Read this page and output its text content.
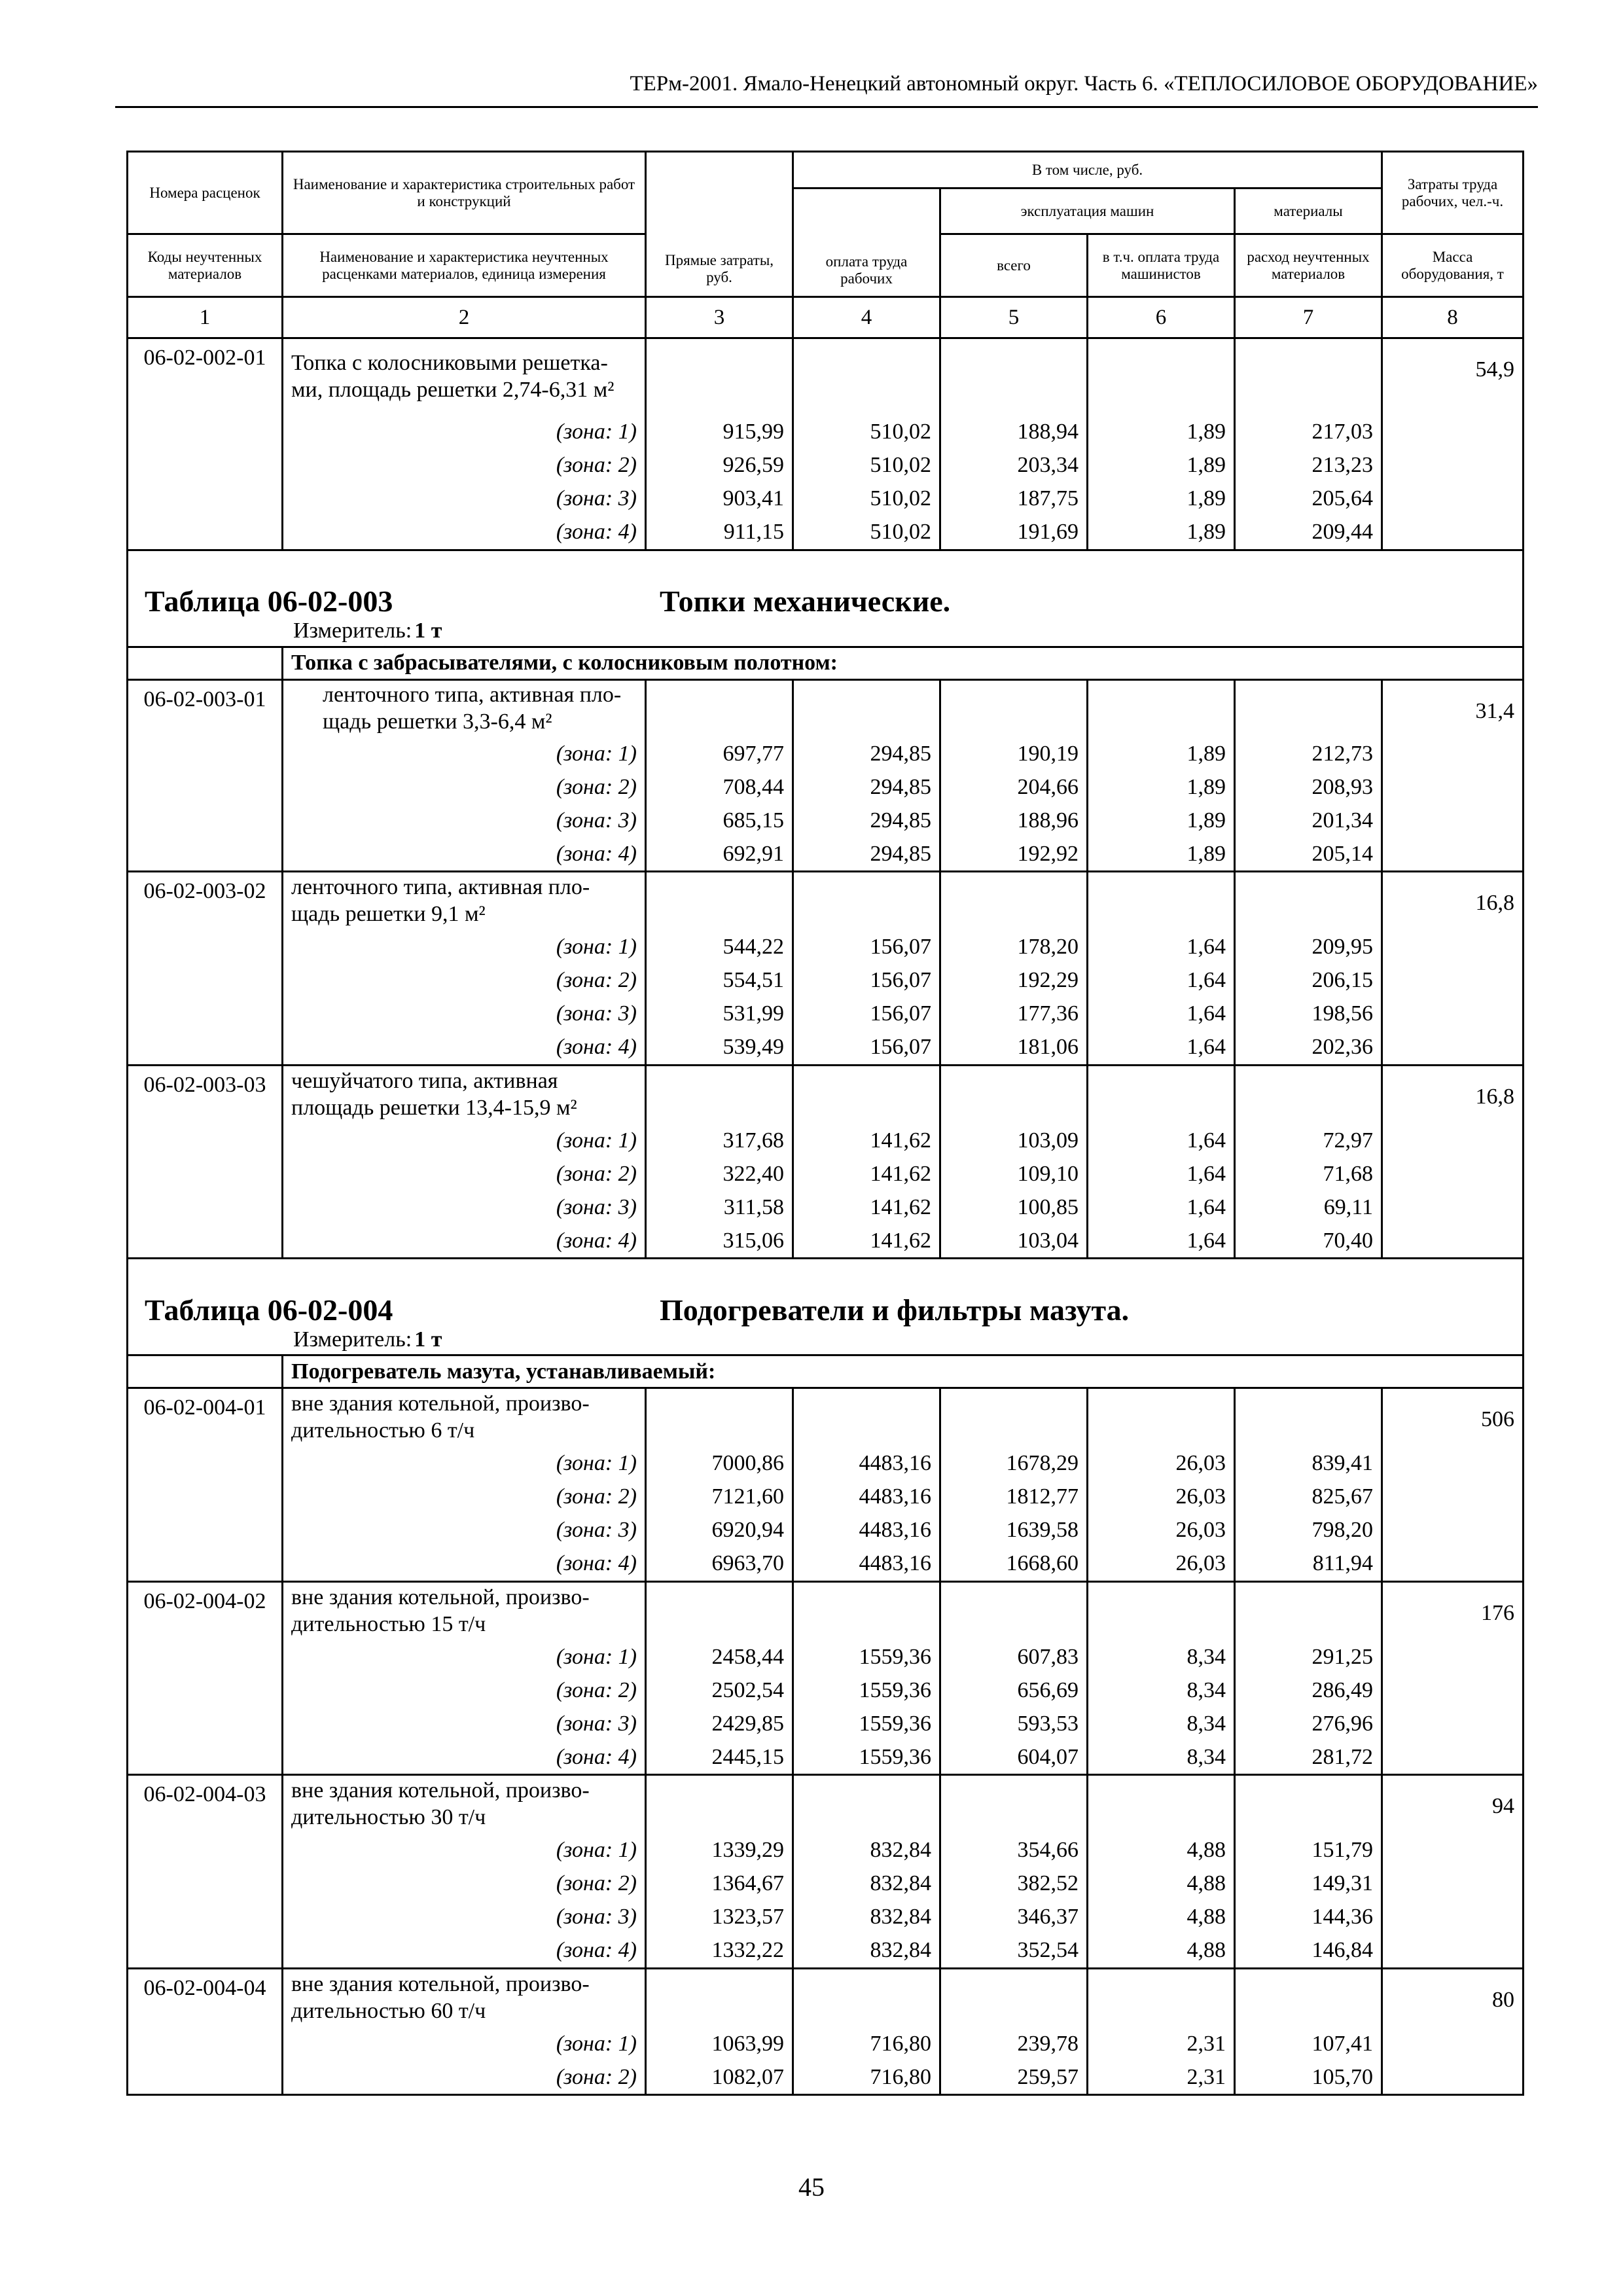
ТЕРм-2001. Ямало-Ненецкий автономный округ. Часть 6. «ТЕПЛОСИЛОВОЕ ОБОРУДОВАНИЕ»
Номера расценок	Наименование и характеристика строительных работ и конструкций	Прямые затраты, руб.	В том числе, руб.				Затраты труда рабочих, чел.-ч.
			оплата труда рабочих	эксплуатация машин		материалы	
Коды неучтенных материалов	Наименование и характеристика неучтенных расценками материалов, единица измерения			всего	в т.ч. оплата труда машинистов	расход неучтенных материалов	Масса оборудования, т
1	2	3	4	5	6	7	8
06-02-002-01	Топка с колосниковыми решетка-ми, площадь решетки 2,74-6,31 м²						54,9
	(зона: 1)	915,99	510,02	188,94	1,89	217,03	
	(зона: 2)	926,59	510,02	203,34	1,89	213,23	
	(зона: 3)	903,41	510,02	187,75	1,89	205,64	
	(зона: 4)	911,15	510,02	191,69	1,89	209,44	

Таблица 06-02-003 Топки механические.							

Измеритель: 1 т							
	Топка с забрасывателями, с колосниковым полотном:						
06-02-003-01	ленточного типа, активная пло-щадь решетки 3,3-6,4 м²						31,4
	(зона: 1)	697,77	294,85	190,19	1,89	212,73	
	(зона: 2)	708,44	294,85	204,66	1,89	208,93	
	(зона: 3)	685,15	294,85	188,96	1,89	201,34	
	(зона: 4)	692,91	294,85	192,92	1,89	205,14	
06-02-003-02	ленточного типа, активная пло-щадь решетки 9,1 м²						16,8
	(зона: 1)	544,22	156,07	178,20	1,64	209,95	
	(зона: 2)	554,51	156,07	192,29	1,64	206,15	
	(зона: 3)	531,99	156,07	177,36	1,64	198,56	
	(зона: 4)	539,49	156,07	181,06	1,64	202,36	
06-02-003-03	чешуйчатого типа, активная площадь решетки 13,4-15,9 м²						16,8
	(зона: 1)	317,68	141,62	103,09	1,64	72,97	
	(зона: 2)	322,40	141,62	109,10	1,64	71,68	
	(зона: 3)	311,58	141,62	100,85	1,64	69,11	
	(зона: 4)	315,06	141,62	103,04	1,64	70,40	

Таблица 06-02-004 Подогреватели и фильтры мазута.							

Измеритель: 1 т							
	Подогреватель мазута, устанавливаемый:						
06-02-004-01	вне здания котельной, произво-дительностью 6 т/ч						506
	(зона: 1)	7000,86	4483,16	1678,29	26,03	839,41	
	(зона: 2)	7121,60	4483,16	1812,77	26,03	825,67	
	(зона: 3)	6920,94	4483,16	1639,58	26,03	798,20	
	(зона: 4)	6963,70	4483,16	1668,60	26,03	811,94	
06-02-004-02	вне здания котельной, произво-дительностью 15 т/ч						176
	(зона: 1)	2458,44	1559,36	607,83	8,34	291,25	
	(зона: 2)	2502,54	1559,36	656,69	8,34	286,49	
	(зона: 3)	2429,85	1559,36	593,53	8,34	276,96	
	(зона: 4)	2445,15	1559,36	604,07	8,34	281,72	
06-02-004-03	вне здания котельной, произво-дительностью 30 т/ч						94
	(зона: 1)	1339,29	832,84	354,66	4,88	151,79	
	(зона: 2)	1364,67	832,84	382,52	4,88	149,31	
	(зона: 3)	1323,57	832,84	346,37	4,88	144,36	
	(зона: 4)	1332,22	832,84	352,54	4,88	146,84	
06-02-004-04	вне здания котельной, произво-дительностью 60 т/ч						80
	(зона: 1)	1063,99	716,80	239,78	2,31	107,41	
	(зона: 2)	1082,07	716,80	259,57	2,31	105,70	
45
